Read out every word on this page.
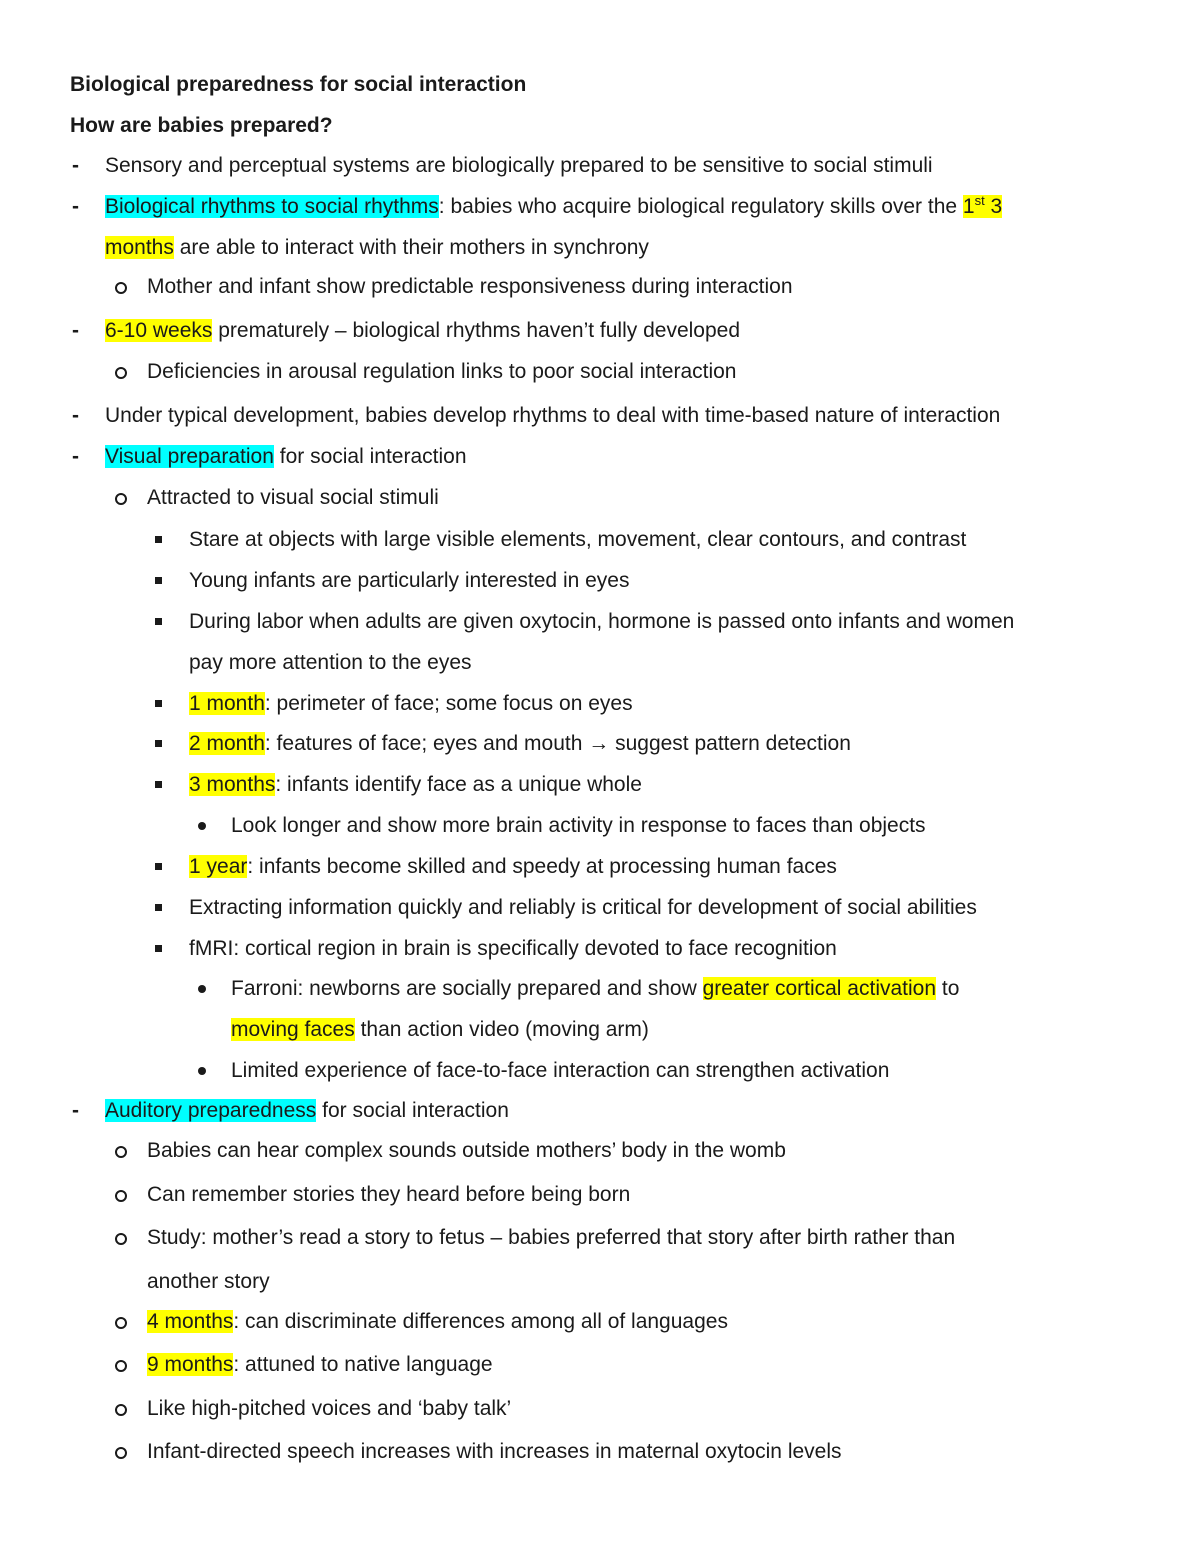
Biological preparedness for social interaction
How are babies prepared?
- Sensory and perceptual systems are biologically prepared to be sensitive to social stimuli
- Biological rhythms to social rhythms: babies who acquire biological regulatory skills over the 1st 3
months are able to interact with their mothers in synchrony
Mother and infant show predictable responsiveness during interaction
- 6-10 weeks prematurely – biological rhythms haven’t fully developed
Deficiencies in arousal regulation links to poor social interaction
- Under typical development, babies develop rhythms to deal with time-based nature of interaction
- Visual preparation for social interaction
Attracted to visual social stimuli
Stare at objects with large visible elements, movement, clear contours, and contrast
Young infants are particularly interested in eyes
During labor when adults are given oxytocin, hormone is passed onto infants and women
pay more attention to the eyes
1 month: perimeter of face; some focus on eyes
2 month: features of face; eyes and mouth → suggest pattern detection
3 months: infants identify face as a unique whole
Look longer and show more brain activity in response to faces than objects
1 year: infants become skilled and speedy at processing human faces
Extracting information quickly and reliably is critical for development of social abilities
fMRI: cortical region in brain is specifically devoted to face recognition
Farroni: newborns are socially prepared and show greater cortical activation to
moving faces than action video (moving arm)
Limited experience of face-to-face interaction can strengthen activation
- Auditory preparedness for social interaction
Babies can hear complex sounds outside mothers’ body in the womb
Can remember stories they heard before being born
Study: mother’s read a story to fetus – babies preferred that story after birth rather than
another story
4 months: can discriminate differences among all of languages
9 months: attuned to native language
Like high-pitched voices and ‘baby talk’
Infant-directed speech increases with increases in maternal oxytocin levels
